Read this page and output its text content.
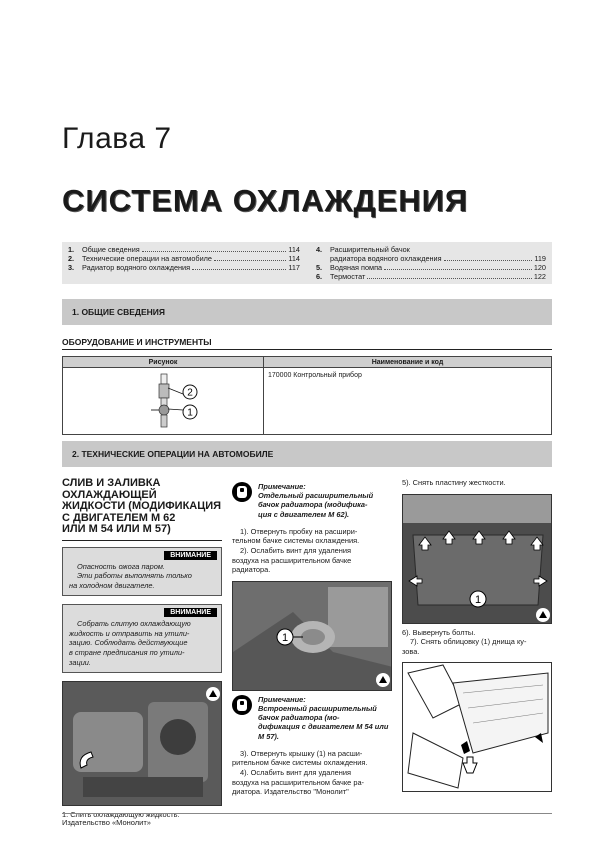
Глава 7
СИСТЕМА ОХЛАЖДЕНИЯ
1.	Общие сведения	114
2.	Технические операции на автомобиле	114
3.	Радиатор водяного охлаждения	117
4.	Расширительный бачок
радиатора водяного охлаждения	119
5.	Водяная помпа	120
6.	Термостат	122
1. ОБЩИЕ СВЕДЕНИЯ
ОБОРУДОВАНИЕ И ИНСТРУМЕНТЫ
Рисунок	Наименование и код

2
1	170000 Контрольный прибор
2. ТЕХНИЧЕСКИЕ ОПЕРАЦИИ НА АВТОМОБИЛЕ
СЛИВ И ЗАЛИВКА
ОХЛАЖДАЮЩЕЙ
ЖИДКОСТИ (МОДИФИКАЦИЯ
С ДВИГАТЕЛЕМ М 62
ИЛИ М 54 ИЛИ М 57)
ВНИМАНИЕ
Опасность ожога паром.
Эти работы выполнять только
на холодном двигателе.
ВНИМАНИЕ
Собрать слитую охлаждающую
жидкость и отправить на утили-
зацию. Соблюдать действующие
в стране предписания по утили-
зации.
1. Слить охлаждающую жидкость.
Примечание:
Отдельный расширительный
бачок радиатора (модифика-
ция с двигателем М 62).
1). Отвернуть пробку на расшири-
тельном бачке системы охлаждения.
2). Ослабить винт для удаления
воздуха на расширительном бачке
радиатора.
1
Примечание:
Встроенный расширительный
бачок радиатора (мо-
дификация с двигателем М 54 или
М 57).
3). Отвернуть крышку (1) на расши-
рительном бачке системы охлаждения.
4). Ослабить винт для удаления
воздуха на расширительном бачке ра-
диатора. Издательство "Монолит"
5). Снять пластину жесткости.
1
6). Вывернуть болты.
7). Снять облицовку (1) днища ку-
зова.
Издательство «Монолит»
